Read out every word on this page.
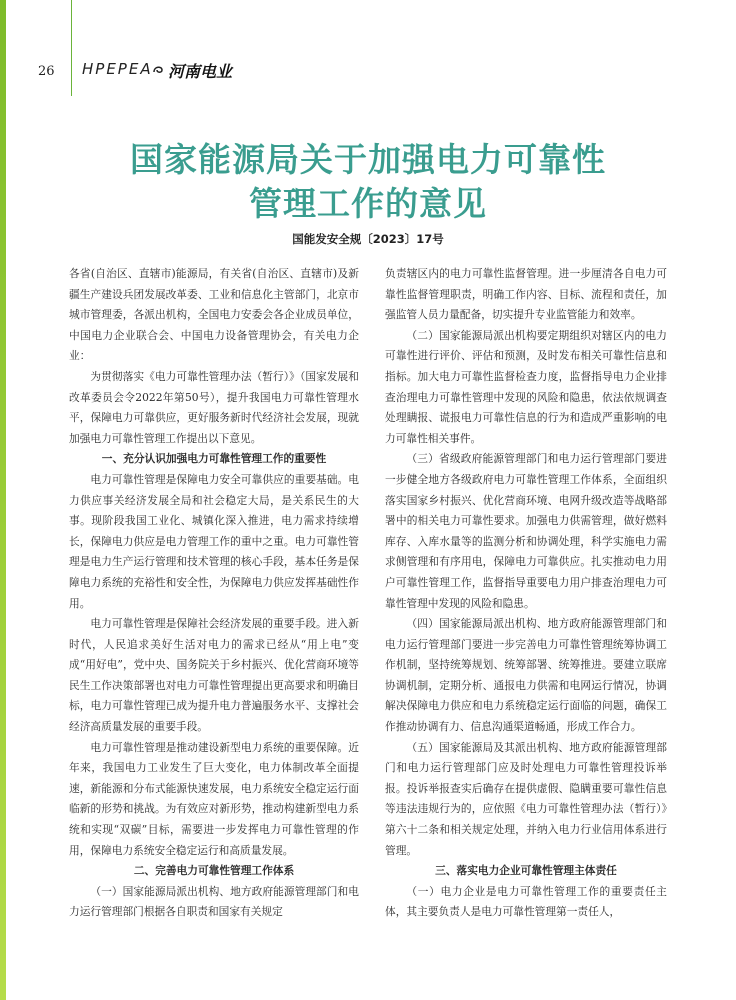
26 HPEPEA 河南电业
国家能源局关于加强电力可靠性
管理工作的意见
国能发安全规〔2023〕17号

各省(自治区、直辖市)能源局，有关省(自治区、直辖市)及新疆生产建设兵团发展改革委、工业和信息化主管部门，北京市城市管理委，各派出机构，全国电力安委会各企业成员单位，中国电力企业联合会、中国电力设备管理协会，有关电力企业：

为贯彻落实《电力可靠性管理办法（暂行）》（国家发展和改革委员会令2022年第50号），提升我国电力可靠性管理水平，保障电力可靠供应，更好服务新时代经济社会发展，现就加强电力可靠性管理工作提出以下意见。

一、充分认识加强电力可靠性管理工作的重要性

电力可靠性管理是保障电力安全可靠供应的重要基础。电力供应事关经济发展全局和社会稳定大局，是关系民生的大事。现阶段我国工业化、城镇化深入推进，电力需求持续增长，保障电力供应是电力管理工作的重中之重。电力可靠性管理是电力生产运行管理和技术管理的核心手段，基本任务是保障电力系统的充裕性和安全性，为保障电力供应发挥基础性作用。

电力可靠性管理是保障社会经济发展的重要手段。进入新时代，人民追求美好生活对电力的需求已经从“用上电”变成“用好电”，党中央、国务院关于乡村振兴、优化营商环境等民生工作决策部署也对电力可靠性管理提出更高要求和明确目标，电力可靠性管理已成为提升电力普遍服务水平、支撑社会经济高质量发展的重要手段。

电力可靠性管理是推动建设新型电力系统的重要保障。近年来，我国电力工业发生了巨大变化，电力体制改革全面提速，新能源和分布式能源快速发展，电力系统安全稳定运行面临新的形势和挑战。为有效应对新形势，推动构建新型电力系统和实现“双碳”目标，需要进一步发挥电力可靠性管理的作用，保障电力系统安全稳定运行和高质量发展。

二、完善电力可靠性管理工作体系

（一）国家能源局派出机构、地方政府能源管理部门和电力运行管理部门根据各自职责和国家有关规定

负责辖区内的电力可靠性监督管理。进一步厘清各自电力可靠性监督管理职责，明确工作内容、目标、流程和责任，加强监管人员力量配备，切实提升专业监管能力和效率。

（二）国家能源局派出机构要定期组织对辖区内的电力可靠性进行评价、评估和预测，及时发布相关可靠性信息和指标。加大电力可靠性监督检查力度，监督指导电力企业排查治理电力可靠性管理中发现的风险和隐患，依法依规调查处理瞒报、谎报电力可靠性信息的行为和造成严重影响的电力可靠性相关事件。

（三）省级政府能源管理部门和电力运行管理部门要进一步健全地方各级政府电力可靠性管理工作体系，全面组织落实国家乡村振兴、优化营商环境、电网升级改造等战略部署中的相关电力可靠性要求。加强电力供需管理，做好燃料库存、入库水量等的监测分析和协调处理，科学实施电力需求侧管理和有序用电，保障电力可靠供应。扎实推动电力用户可靠性管理工作，监督指导重要电力用户排查治理电力可靠性管理中发现的风险和隐患。

（四）国家能源局派出机构、地方政府能源管理部门和电力运行管理部门要进一步完善电力可靠性管理统筹协调工作机制，坚持统筹规划、统筹部署、统筹推进。要建立联席协调机制，定期分析、通报电力供需和电网运行情况，协调解决保障电力供应和电力系统稳定运行面临的问题，确保工作推动协调有力、信息沟通渠道畅通，形成工作合力。

（五）国家能源局及其派出机构、地方政府能源管理部门和电力运行管理部门应及时处理电力可靠性管理投诉举报。投诉举报查实后确存在提供虚假、隐瞒重要可靠性信息等违法违规行为的，应依照《电力可靠性管理办法（暂行）》第六十二条和相关规定处理，并纳入电力行业信用体系进行管理。

三、落实电力企业可靠性管理主体责任

（一）电力企业是电力可靠性管理工作的重要责任主体，其主要负责人是电力可靠性管理第一责任人，
